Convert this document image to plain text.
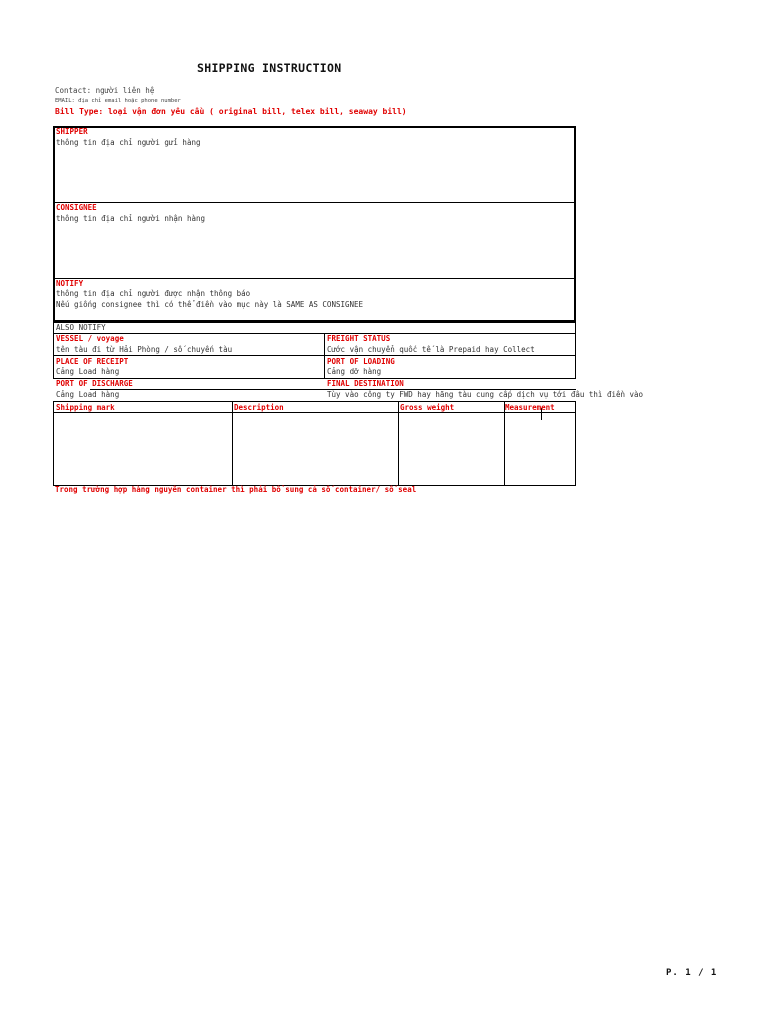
SHIPPING INSTRUCTION
Contact: người liên hệ
EMAIL: địa chỉ email hoặc phone number
Bill Type: loại vận đơn yêu cầu ( original bill, telex bill, seaway bill)
SHIPPER
thông tin địa chỉ người gửi hàng
CONSIGNEE
thông tin địa chỉ người nhận hàng
NOTIFY
thông tin địa chỉ người được nhận thông báo
Nếu giống consignee thì có thể điền vào mục này là SAME AS CONSIGNEE
ALSO NOTIFY
VESSEL / voyage
tên tàu đi từ Hải Phòng / số chuyến tàu
FREIGHT STATUS
Cước vận chuyển quốc tế là Prepaid hay Collect
PLACE OF RECEIPT
Cảng Load hàng
PORT OF LOADING
Cảng dỡ hàng
PORT OF DISCHARGE
Cảng Load hàng
FINAL DESTINATION
Tùy vào công ty FWD hay hãng tàu cung cấp dịch vụ tới đâu thì điền vào
Shipping mark	Description	Gross weight	Measurement
Trong trường hợp hàng nguyên container thì phải bổ sung cả số container/ số seal
P. 1 / 1
